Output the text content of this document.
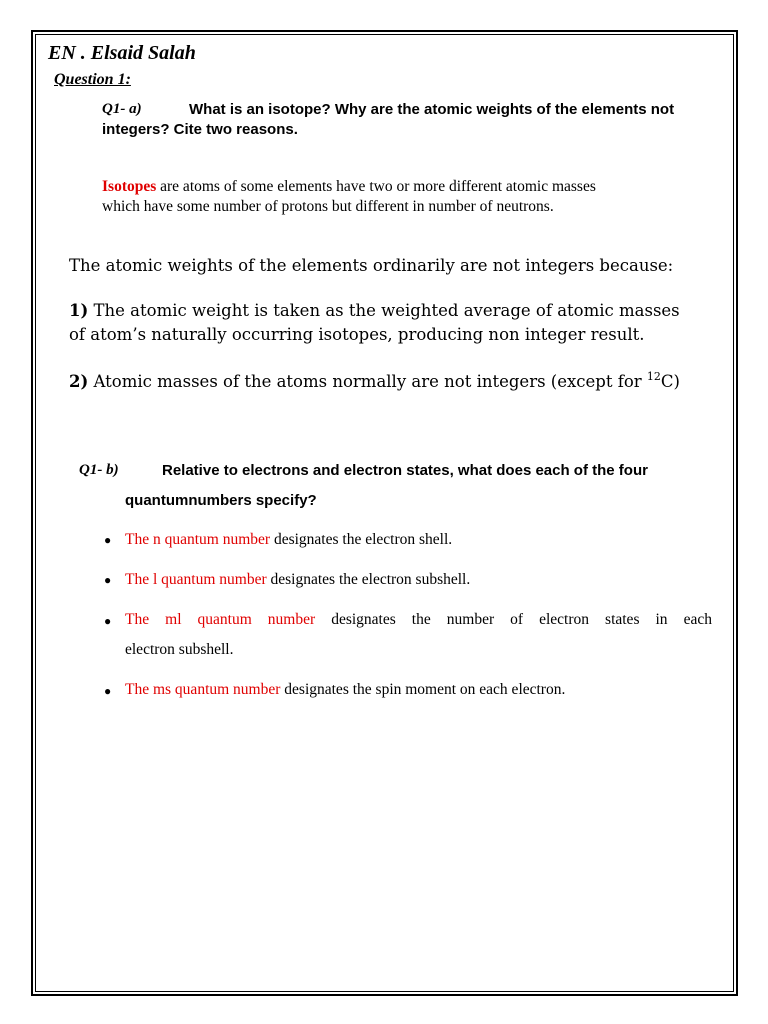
EN . Elsaid Salah
Question 1:
Q1- a)	What is an isotope? Why are the atomic weights of the elements not
integers? Cite two reasons.
Isotopes are atoms of some elements have two or more different atomic masses
which have some number of protons but different in number of neutrons.
The atomic weights of the elements ordinarily are not integers because:
1) The atomic weight is taken as the weighted average of atomic masses
of atom’s naturally occurring isotopes, producing non integer result.
2) Atomic masses of the atoms normally are not integers (except for $^{12}$C)
Q1- b)	Relative to electrons and electron states, what does each of the four
quantumnumbers specify?
● The n quantum number designates the electron shell.
● The l quantum number designates the electron subshell.
● The ml quantum number designates the number of electron states in each
electron subshell.
● The ms quantum number designates the spin moment on each electron.
